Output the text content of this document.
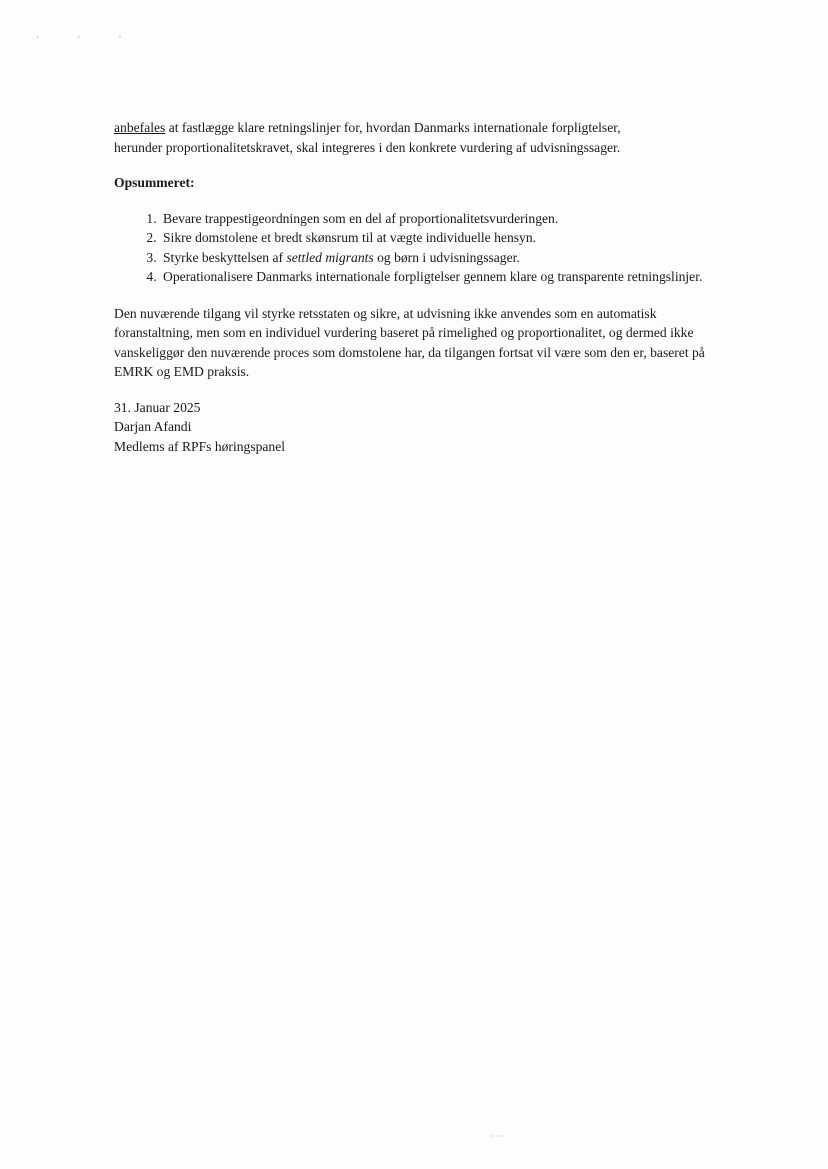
· · ·

anbefales at fastlægge klare retningslinjer for, hvordan Danmarks internationale forpligtelser,
herunder proportionalitetskravet, skal integreres i den konkrete vurdering af udvisningssager.

Opsummeret:

1. Bevare trappestigeordningen som en del af proportionalitetsvurderingen.
2. Sikre domstolene et bredt skønsrum til at vægte individuelle hensyn.
3. Styrke beskyttelsen af settled migrants og børn i udvisningssager.
4. Operationalisere Danmarks internationale forpligtelser gennem klare og transparente retningslinjer.

Den nuværende tilgang vil styrke retsstaten og sikre, at udvisning ikke anvendes som en automatisk foranstaltning, men som en individuel vurdering baseret på rimelighed og proportionalitet, og dermed ikke vanskeliggør den nuværende proces som domstolene har, da tilgangen fortsat vil være som den er, baseret på EMRK og EMD praksis.

31. Januar 2025

Darjan Afandi

Medlems af RPFs høringspanel

·····
